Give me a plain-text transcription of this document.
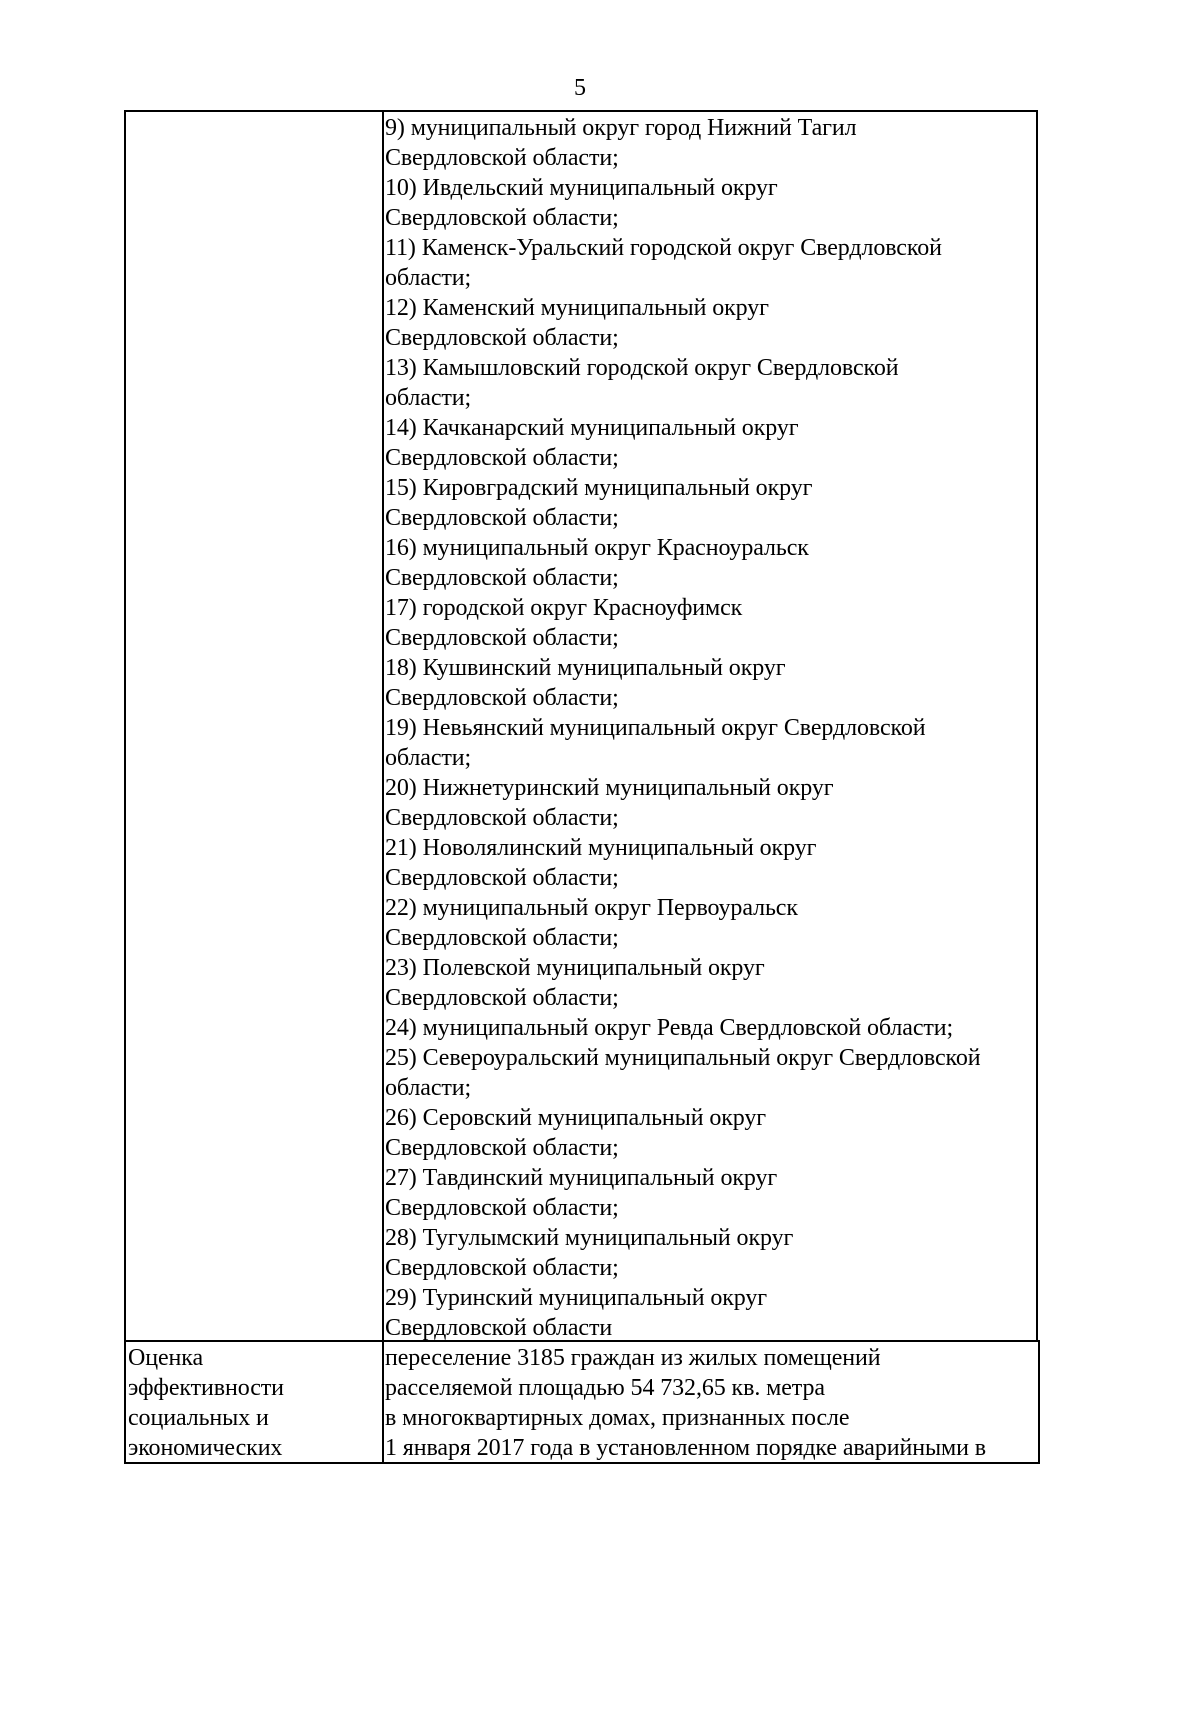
5
9) муниципальный округ город Нижний Тагил
Свердловской области;
10) Ивдельский муниципальный округ
Свердловской области;
11) Каменск-Уральский городской округ Свердловской
области;
12) Каменский муниципальный округ
Свердловской области;
13) Камышловский городской округ Свердловской
области;
14) Качканарский муниципальный округ
Свердловской области;
15) Кировградский муниципальный округ
Свердловской области;
16) муниципальный округ Красноуральск
Свердловской области;
17) городской округ Красноуфимск
Свердловской области;
18) Кушвинский муниципальный округ
Свердловской области;
19) Невьянский муниципальный округ Свердловской
области;
20) Нижнетуринский муниципальный округ
Свердловской области;
21) Новолялинский муниципальный округ
Свердловской области;
22) муниципальный округ Первоуральск
Свердловской области;
23) Полевской муниципальный округ
Свердловской области;
24) муниципальный округ Ревда Свердловской области;
25) Североуральский муниципальный округ Свердловской
области;
26) Серовский муниципальный округ
Свердловской области;
27) Тавдинский муниципальный округ
Свердловской области;
28) Тугулымский муниципальный округ
Свердловской области;
29) Туринский муниципальный округ
Свердловской области
Оценка
эффективности
социальных и
экономических
переселение 3185 граждан из жилых помещений
расселяемой площадью 54 732,65 кв. метра
в многоквартирных домах, признанных после
1 января 2017 года в установленном порядке аварийными в
